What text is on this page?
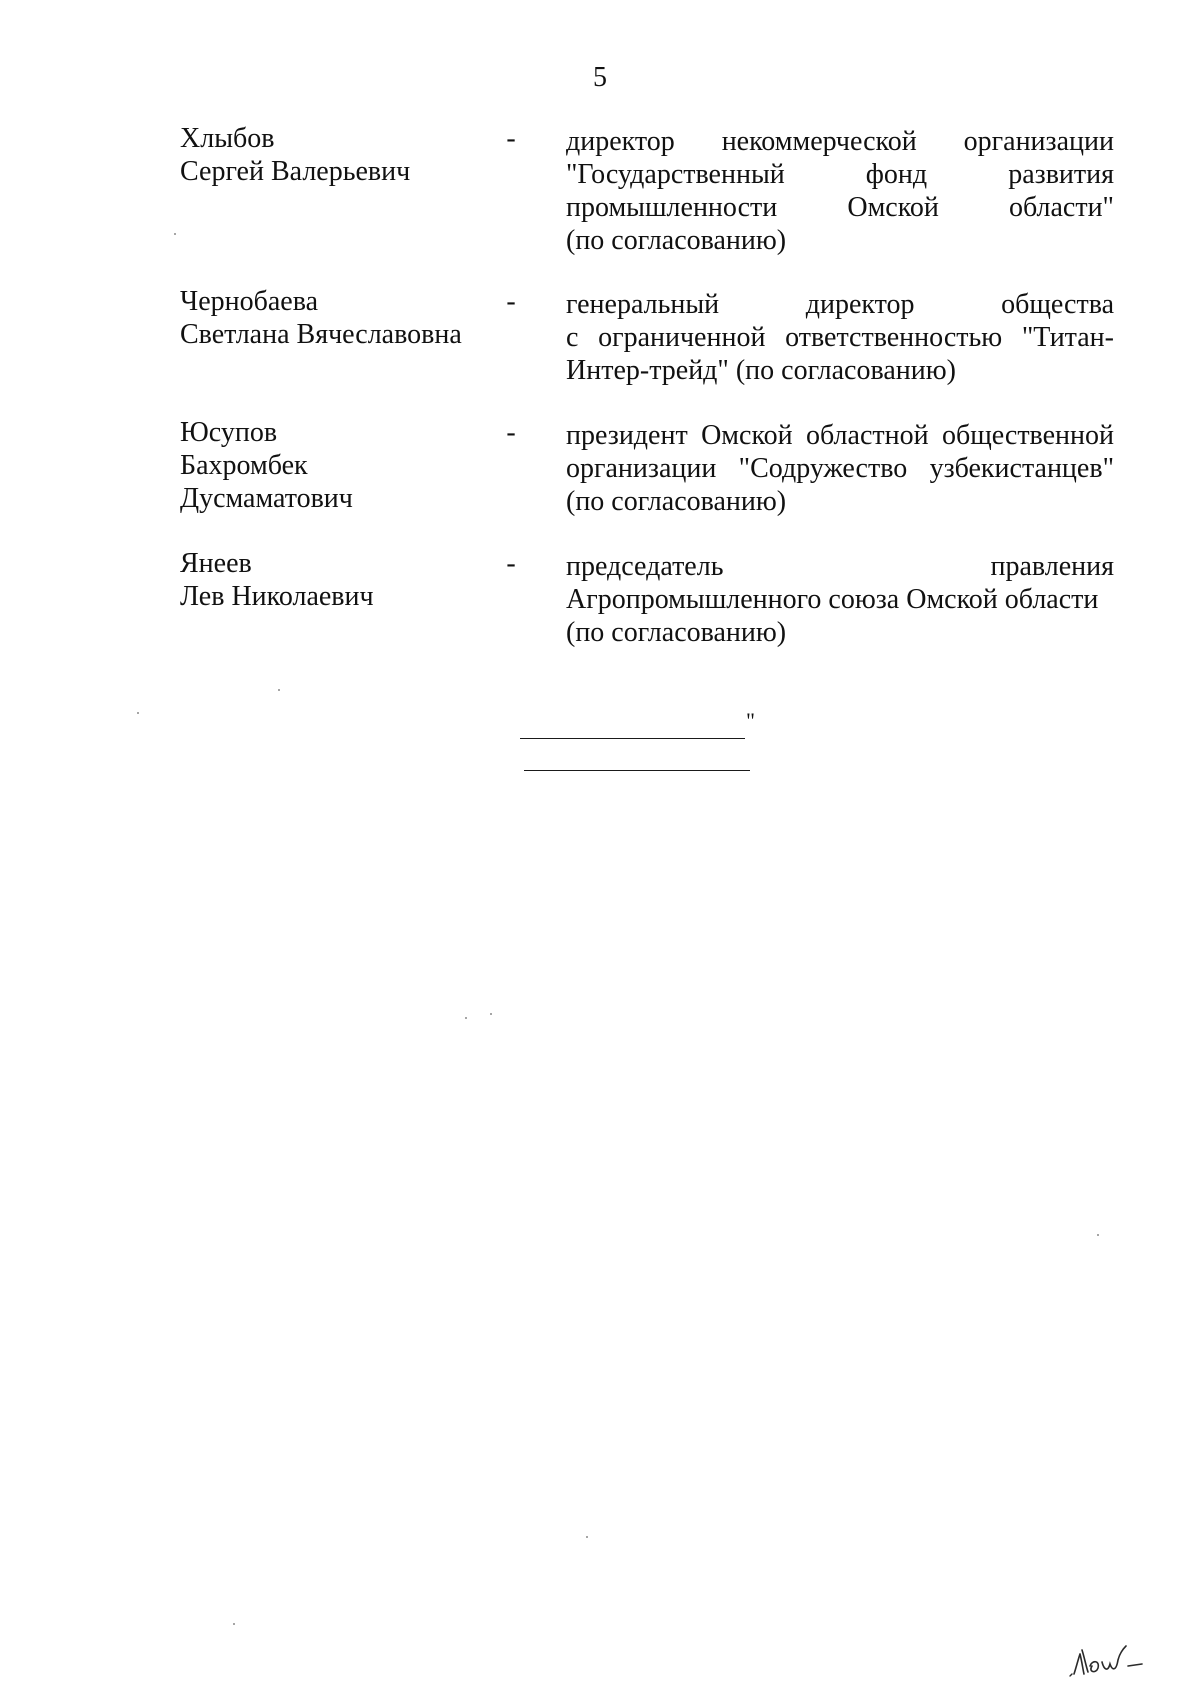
5
Хлыбов
Сергей Валерьевич
- директор некоммерческой организации
"Государственный фонд развития
промышленности Омской области"
(по согласованию)
Чернобаева
Светлана Вячеславовна
- генеральный директор общества
с ограниченной ответственностью "Титан-
Интер-трейд" (по согласованию)
Юсупов
Бахромбек
Дусмаматович
- президент Омской областной общественной
организации "Содружество узбекистанцев"
(по согласованию)
Янеев
Лев Николаевич
- председатель правления
Агропромышленного союза Омской области
(по согласованию)
"
